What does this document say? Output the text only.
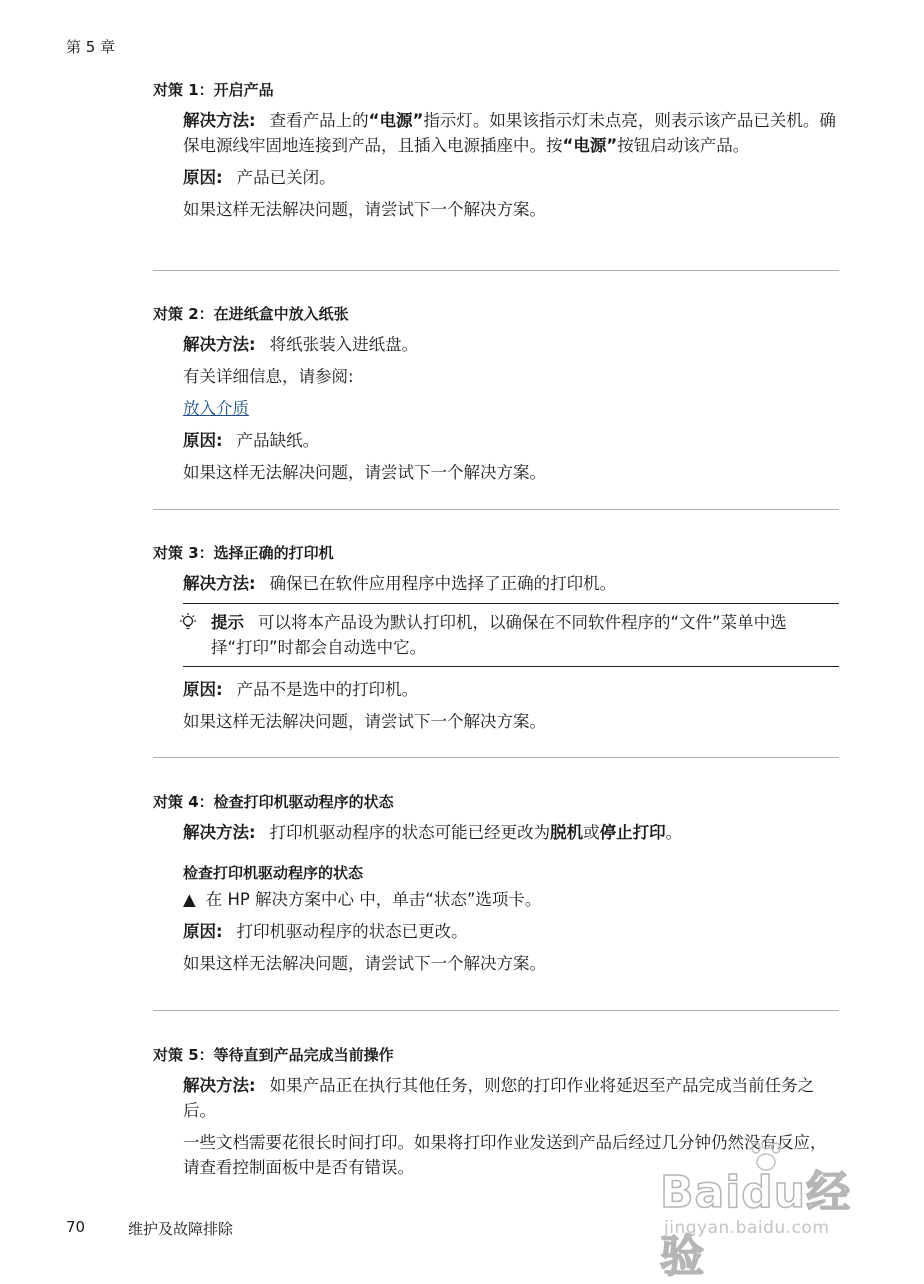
第 5 章
对策 1：开启产品
解决方法: 查看产品上的“电源”指示灯。如果该指示灯未点亮，则表示该产品已关机。确保电源线牢固地连接到产品，且插入电源插座中。按“电源”按钮启动该产品。
原因: 产品已关闭。
如果这样无法解决问题，请尝试下一个解决方案。
对策 2：在进纸盒中放入纸张
解决方法: 将纸张装入进纸盘。
有关详细信息，请参阅:
放入介质
原因: 产品缺纸。
如果这样无法解决问题，请尝试下一个解决方案。
对策 3：选择正确的打印机
解决方法: 确保已在软件应用程序中选择了正确的打印机。
提示 可以将本产品设为默认打印机，以确保在不同软件程序的“文件”菜单中选择“打印”时都会自动选中它。
原因: 产品不是选中的打印机。
如果这样无法解决问题，请尝试下一个解决方案。
对策 4：检查打印机驱动程序的状态
解决方法: 打印机驱动程序的状态可能已经更改为脱机或停止打印。
检查打印机驱动程序的状态
▲ 在 HP 解决方案中心 中，单击“状态”选项卡。
原因: 打印机驱动程序的状态已更改。
如果这样无法解决问题，请尝试下一个解决方案。
对策 5：等待直到产品完成当前操作
解决方法: 如果产品正在执行其他任务，则您的打印作业将延迟至产品完成当前任务之后。
一些文档需要花很长时间打印。如果将打印作业发送到产品后经过几分钟仍然没有反应，请查看控制面板中是否有错误。	Baidu经验
jingyan.baidu.com
70	维护及故障排除
